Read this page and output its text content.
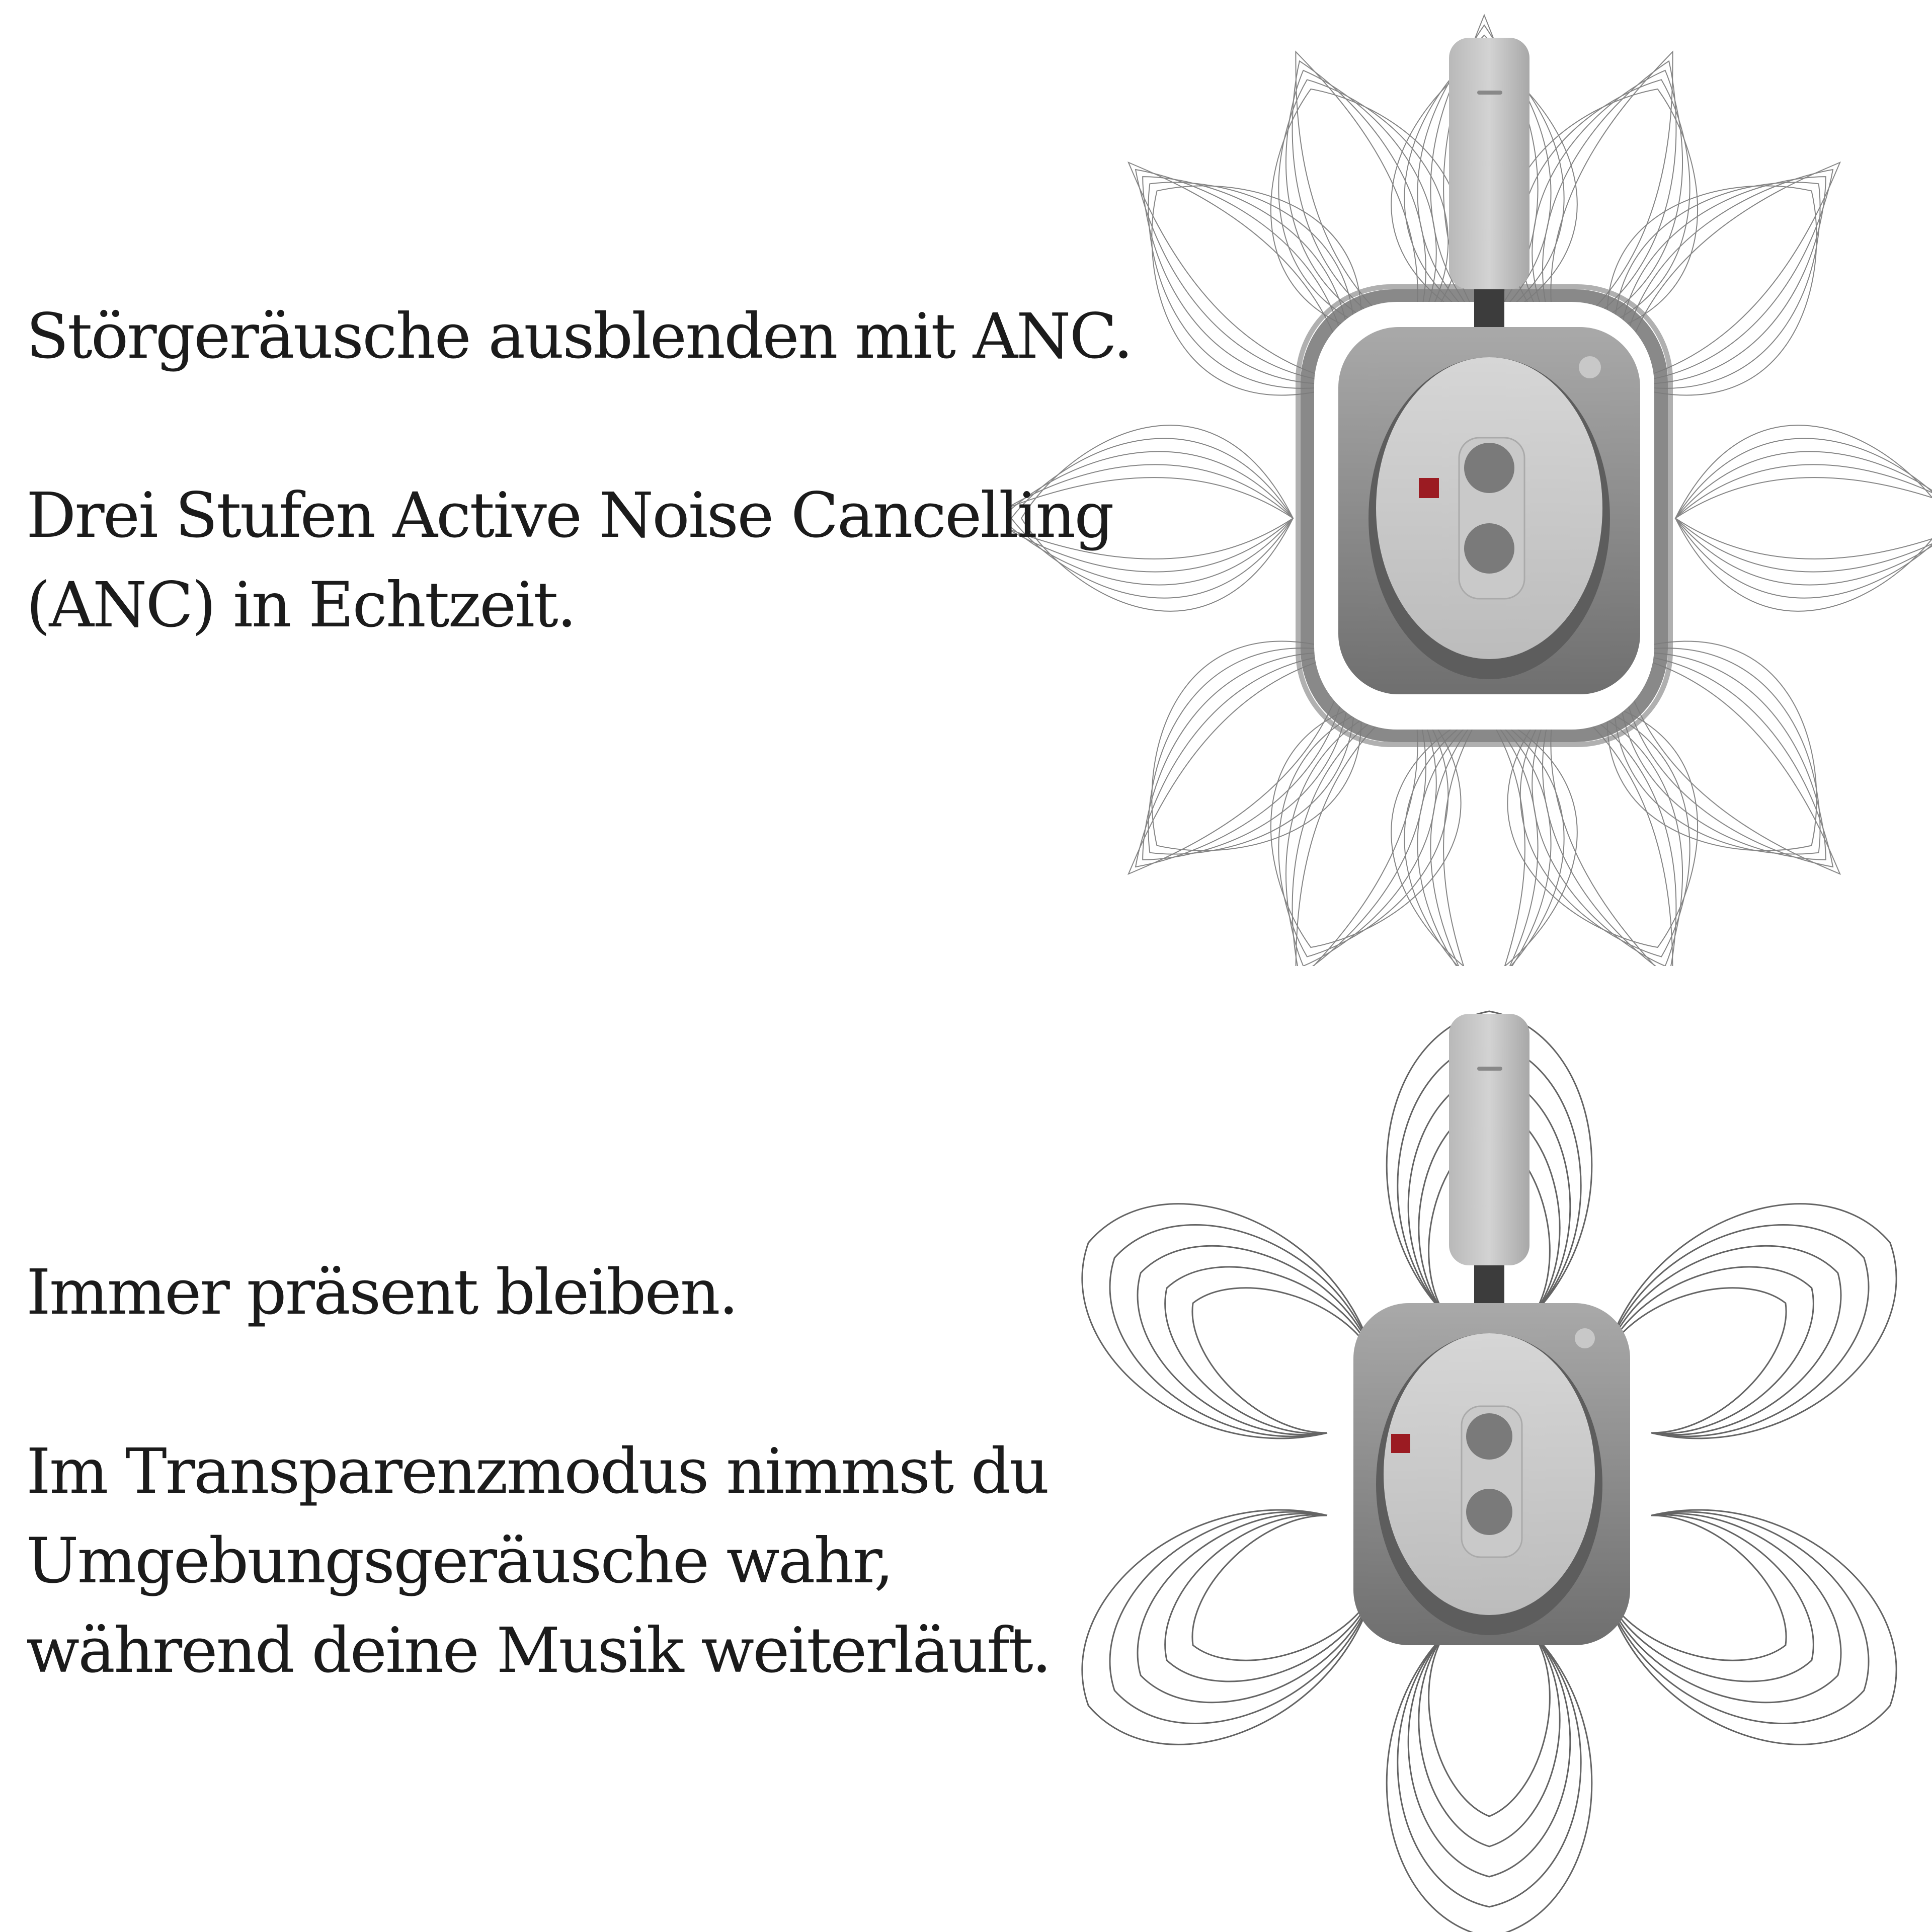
Störgeräusche ausblenden mit ANC.

Drei Stufen Active Noise Cancelling

(ANC) in Echtzeit.

Immer präsent bleiben.

Im Transparenzmodus nimmst du

Umgebungsgeräusche wahr,

während deine Musik weiterläuft.
